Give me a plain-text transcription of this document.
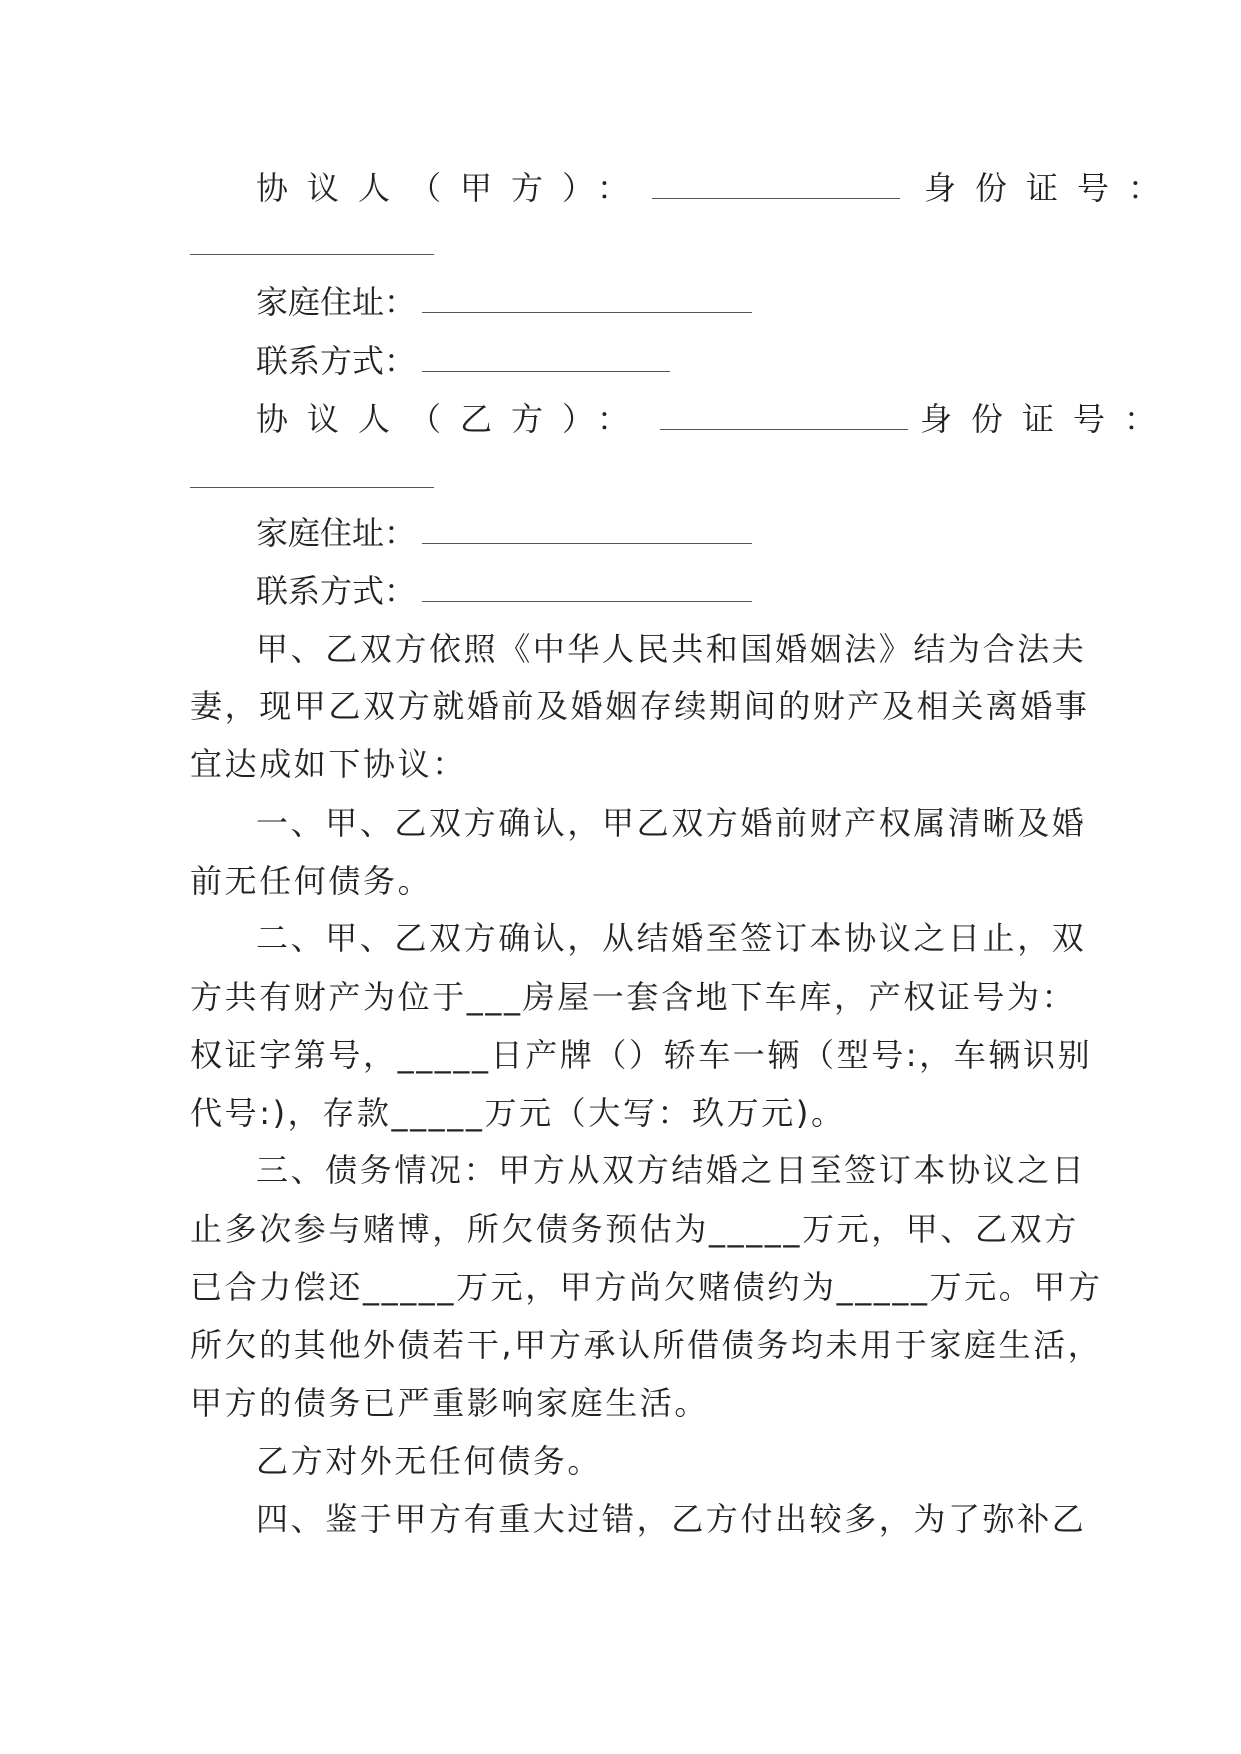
协议人（甲方）：	身份证号：
家庭住址：
联系方式：
协议人（乙方）：	身份证号：
家庭住址：
联系方式：
甲、乙双方依照《中华人民共和国婚姻法》结为合法夫
妻，现甲乙双方就婚前及婚姻存续期间的财产及相关离婚事
宜达成如下协议：
一、甲、乙双方确认，甲乙双方婚前财产权属清晰及婚
前无任何债务。
二、甲、乙双方确认，从结婚至签订本协议之日止，双
方共有财产为位于___房屋一套含地下车库，产权证号为：
权证字第号，_____日产牌（）轿车一辆（型号:，车辆识别
代号:)，存款_____万元（大写：玖万元)。
三、债务情况：甲方从双方结婚之日至签订本协议之日
止多次参与赌博，所欠债务预估为_____万元，甲、乙双方
已合力偿还_____万元，甲方尚欠赌债约为_____万元。甲方
所欠的其他外债若干,甲方承认所借债务均未用于家庭生活，
甲方的债务已严重影响家庭生活。
乙方对外无任何债务。
四、鉴于甲方有重大过错，乙方付出较多，为了弥补乙
